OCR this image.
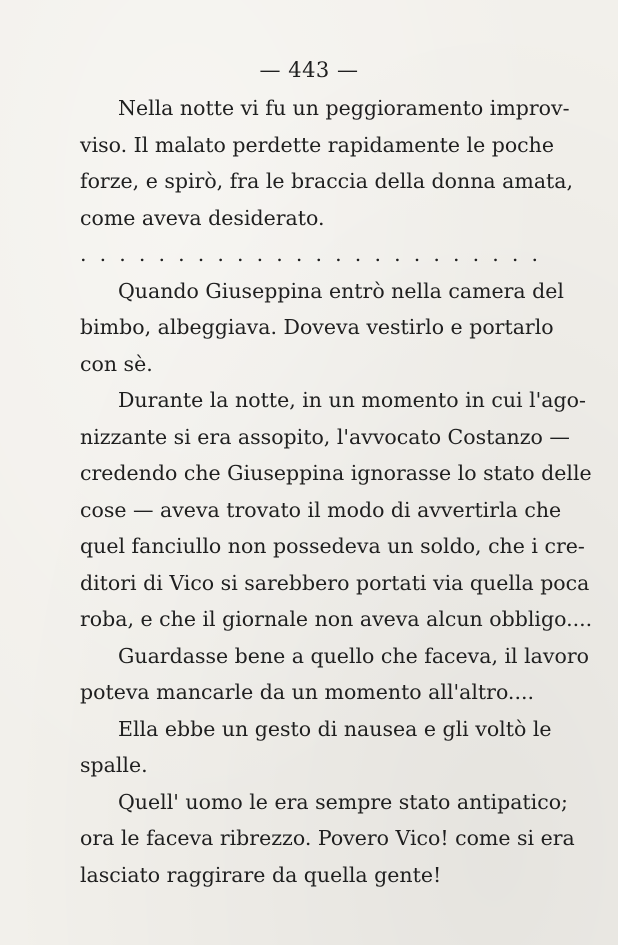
— 443 —
Nella notte vi fu un peggioramento improv-
viso. Il malato perdette rapidamente le poche
forze, e spirò, fra le braccia della donna amata,
come aveva desiderato.
. . . . . . . . . . . . . . . . . . . . . . . .
Quando Giuseppina entrò nella camera del
bimbo, albeggiava. Doveva vestirlo e portarlo
con sè.
Durante la notte, in un momento in cui l'ago-
nizzante si era assopito, l'avvocato Costanzo —
credendo che Giuseppina ignorasse lo stato delle
cose — aveva trovato il modo di avvertirla che
quel fanciullo non possedeva un soldo, che i cre-
ditori di Vico si sarebbero portati via quella poca
roba, e che il giornale non aveva alcun obbligo....
Guardasse bene a quello che faceva, il lavoro
poteva mancarle da un momento all'altro....
Ella ebbe un gesto di nausea e gli voltò le
spalle.
Quell' uomo le era sempre stato antipatico;
ora le faceva ribrezzo. Povero Vico! come si era
lasciato raggirare da quella gente!
